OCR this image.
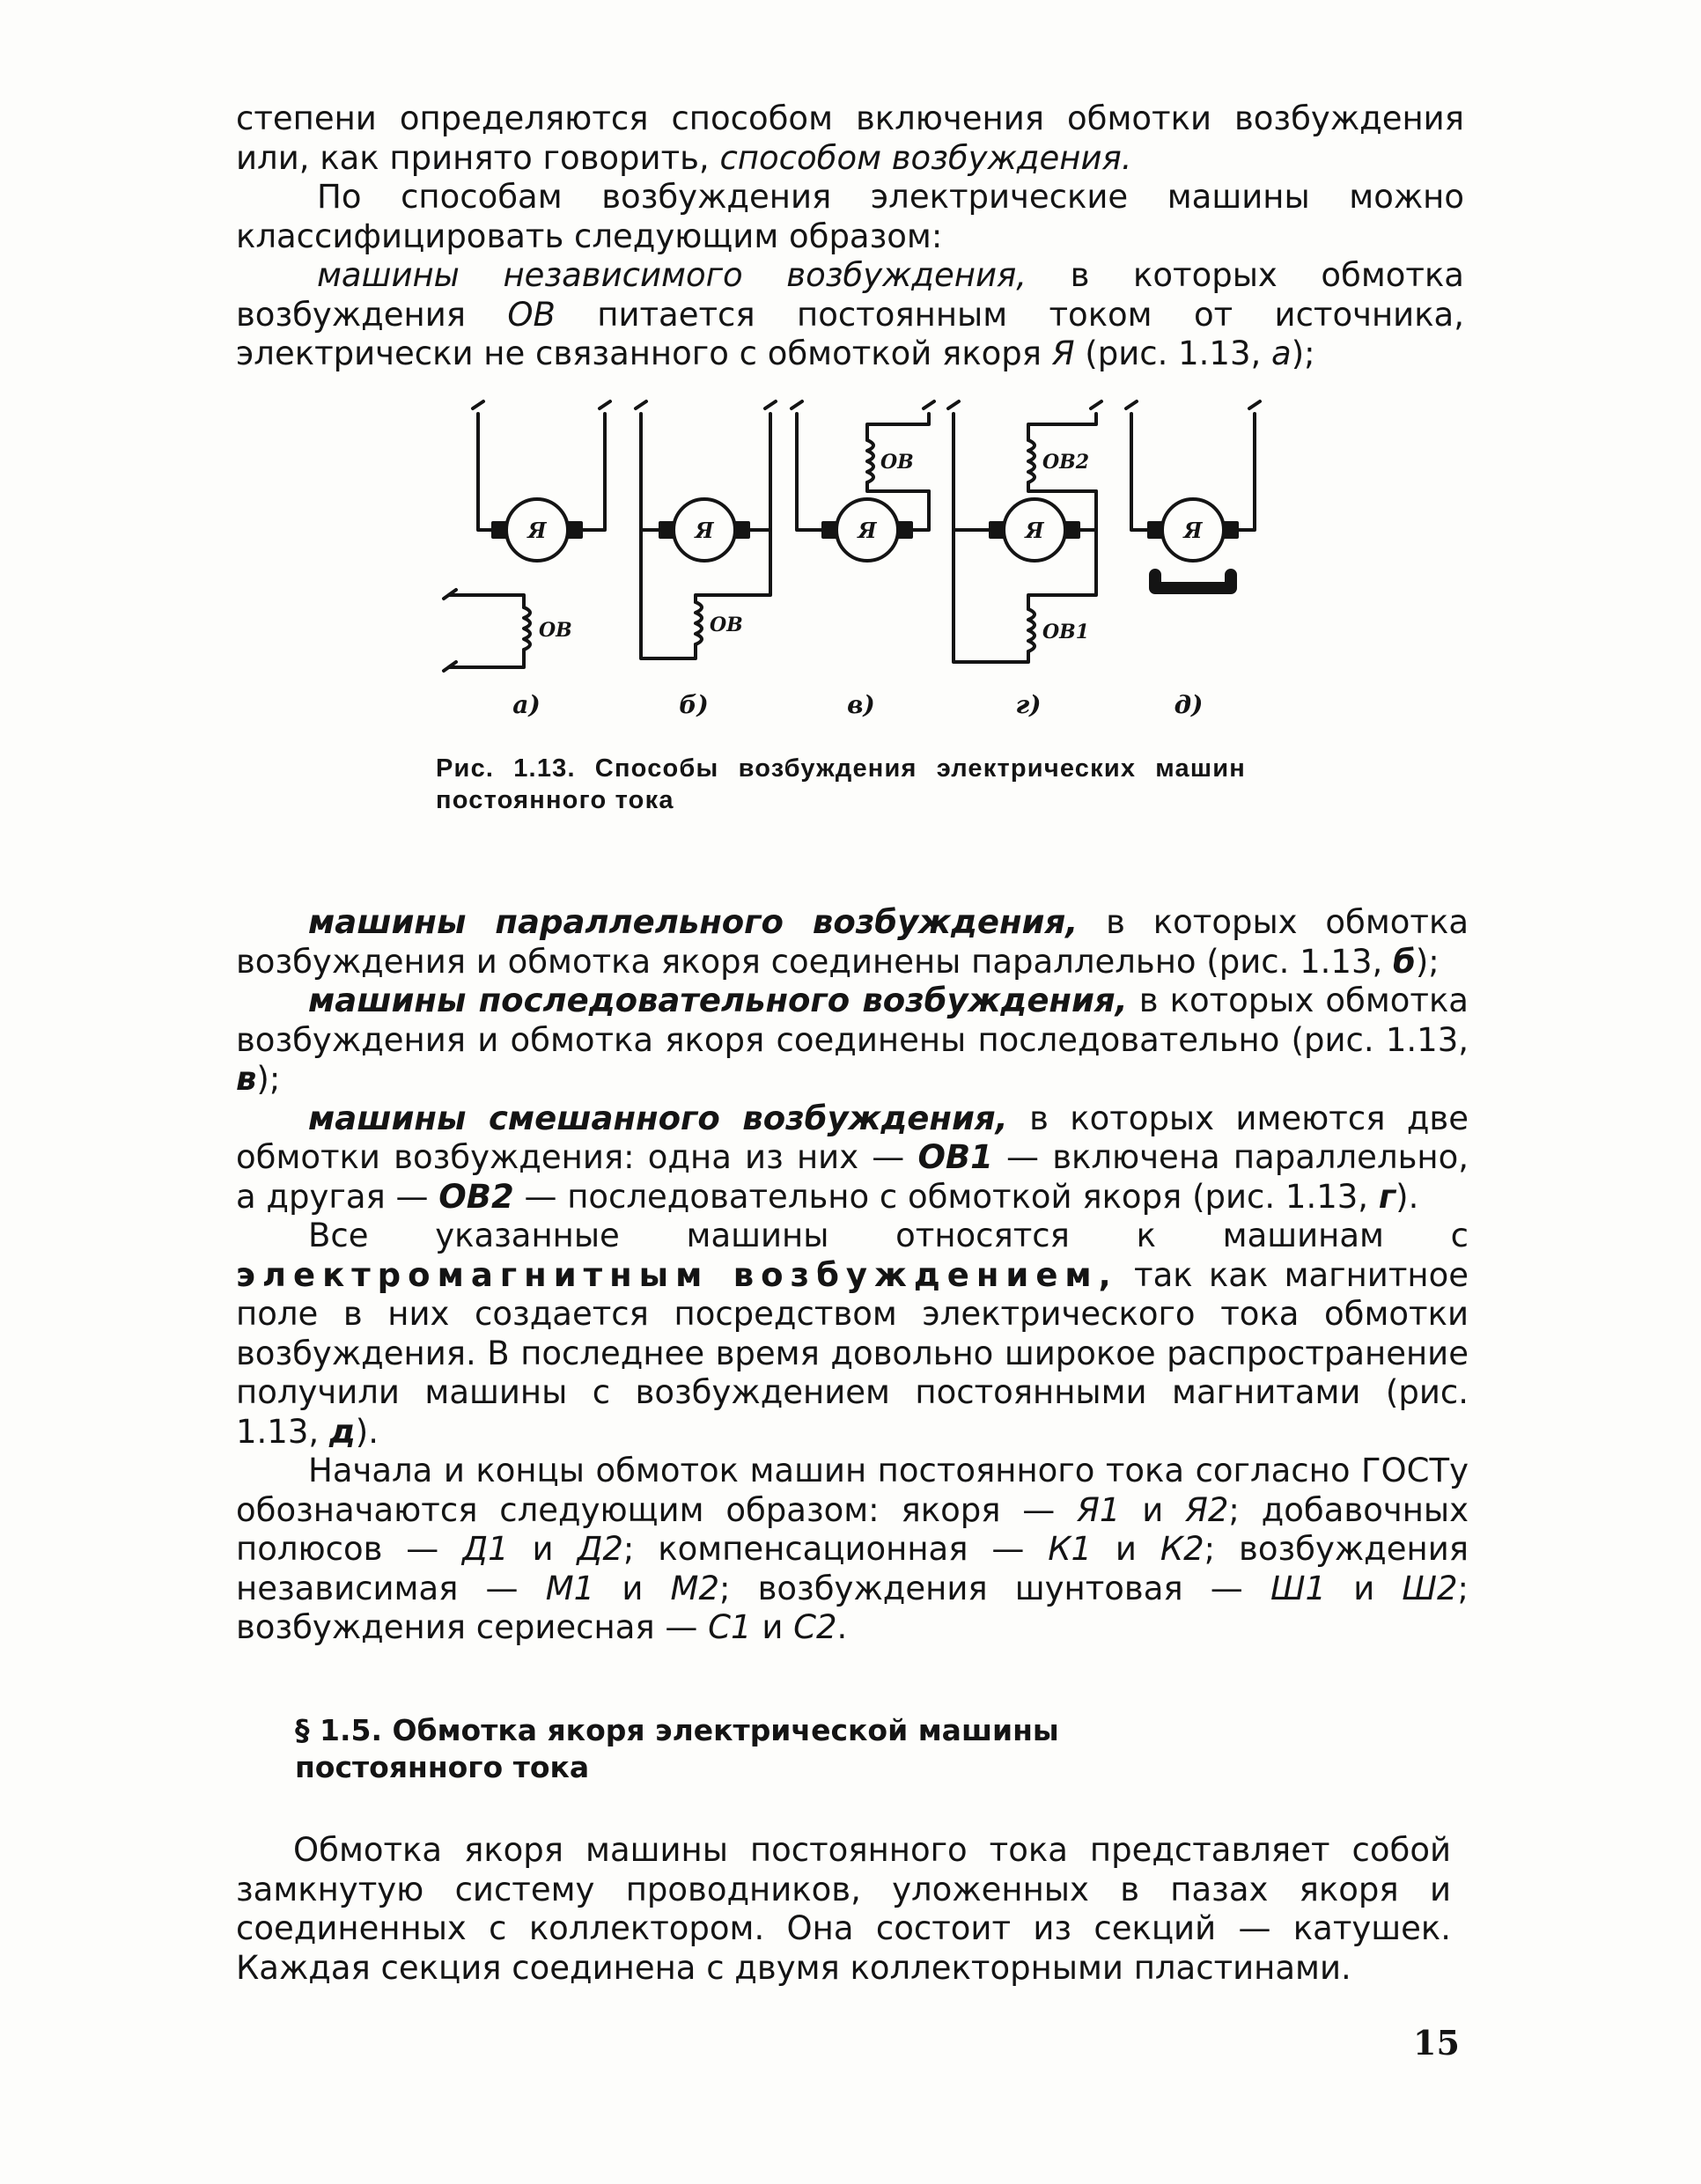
степени определяются способом включения обмотки возбуждения или, как принято говорить, способом возбуждения.
По способам возбуждения электрические машины можно классифицировать следующим образом:
машины независимого возбуждения, в которых обмотка возбуждения ОВ питается постоянным током от источника, электрически не связанного с обмоткой якоря Я (рис. 1.13, а);
Я	Я	Я	Я	Я
ОВ	ОВ
ОВ	ОВ2
ОВ1
а)	б)	в)	г)	д)
Рис. 1.13. Способы возбуждения электрических машин постоянного тока
машины параллельного возбуждения, в которых обмотка возбуждения и обмотка якоря соединены параллельно (рис. 1.13, б);
машины последовательного возбуждения, в которых обмотка возбуждения и обмотка якоря соединены последовательно (рис. 1.13, в);
машины смешанного возбуждения, в которых имеются две обмотки возбуждения: одна из них — ОВ1 — включена параллельно, а другая — ОВ2 — последовательно с обмоткой якоря (рис. 1.13, г).
Все указанные машины относятся к машинам с электромагнитным возбуждением, так как магнитное поле в них создается посредством электрического тока обмотки возбуждения. В последнее время довольно широкое распространение получили машины с возбуждением постоянными магнитами (рис. 1.13, д).
Начала и концы обмоток машин постоянного тока согласно ГОСТу обозначаются следующим образом: якоря — Я1 и Я2; добавочных полюсов — Д1 и Д2; компенсационная — К1 и К2; возбуждения независимая — М1 и М2; возбуждения шунтовая — Ш1 и Ш2; возбуждения сериесная — С1 и С2.
§ 1.5. Обмотка якоря электрической машины
постоянного тока
Обмотка якоря машины постоянного тока представляет собой замкнутую систему проводников, уложенных в пазах якоря и соединенных с коллектором. Она состоит из секций — катушек. Каждая секция соединена с двумя коллекторными пластинами.
15
